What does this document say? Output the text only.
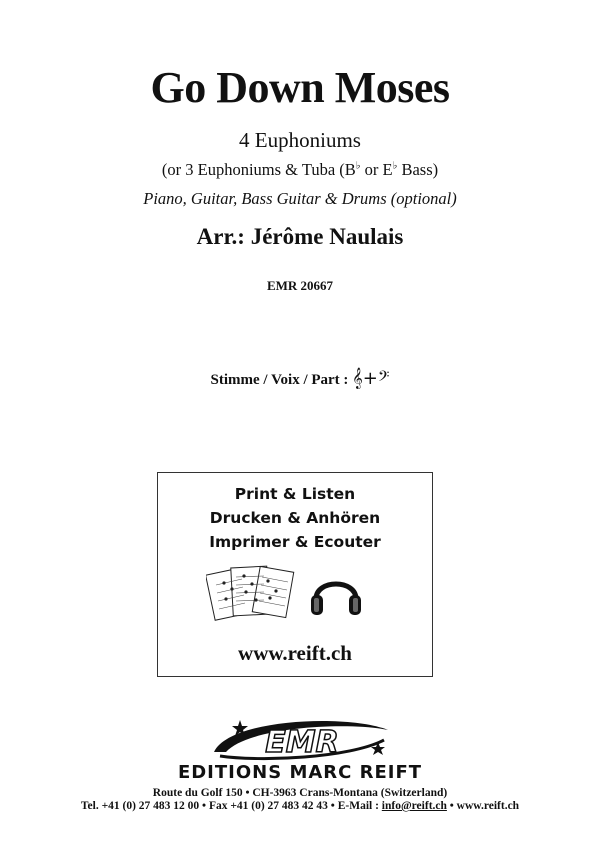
Go Down Moses
4 Euphoniums
(or 3 Euphoniums & Tuba (B♭ or E♭ Bass)
Piano, Guitar, Bass Guitar & Drums (optional)
Arr.: Jérôme Naulais
EMR 20667
Stimme / Voix / Part : 𝄞+𝄢
Print & Listen
Drucken & Anhören
Imprimer & Ecouter
www.reift.ch
EMR
EDITIONS MARC REIFT
Route du Golf 150 • CH-3963 Crans-Montana (Switzerland)
Tel. +41 (0) 27 483 12 00 • Fax +41 (0) 27 483 42 43 • E-Mail : info@reift.ch • www.reift.ch
